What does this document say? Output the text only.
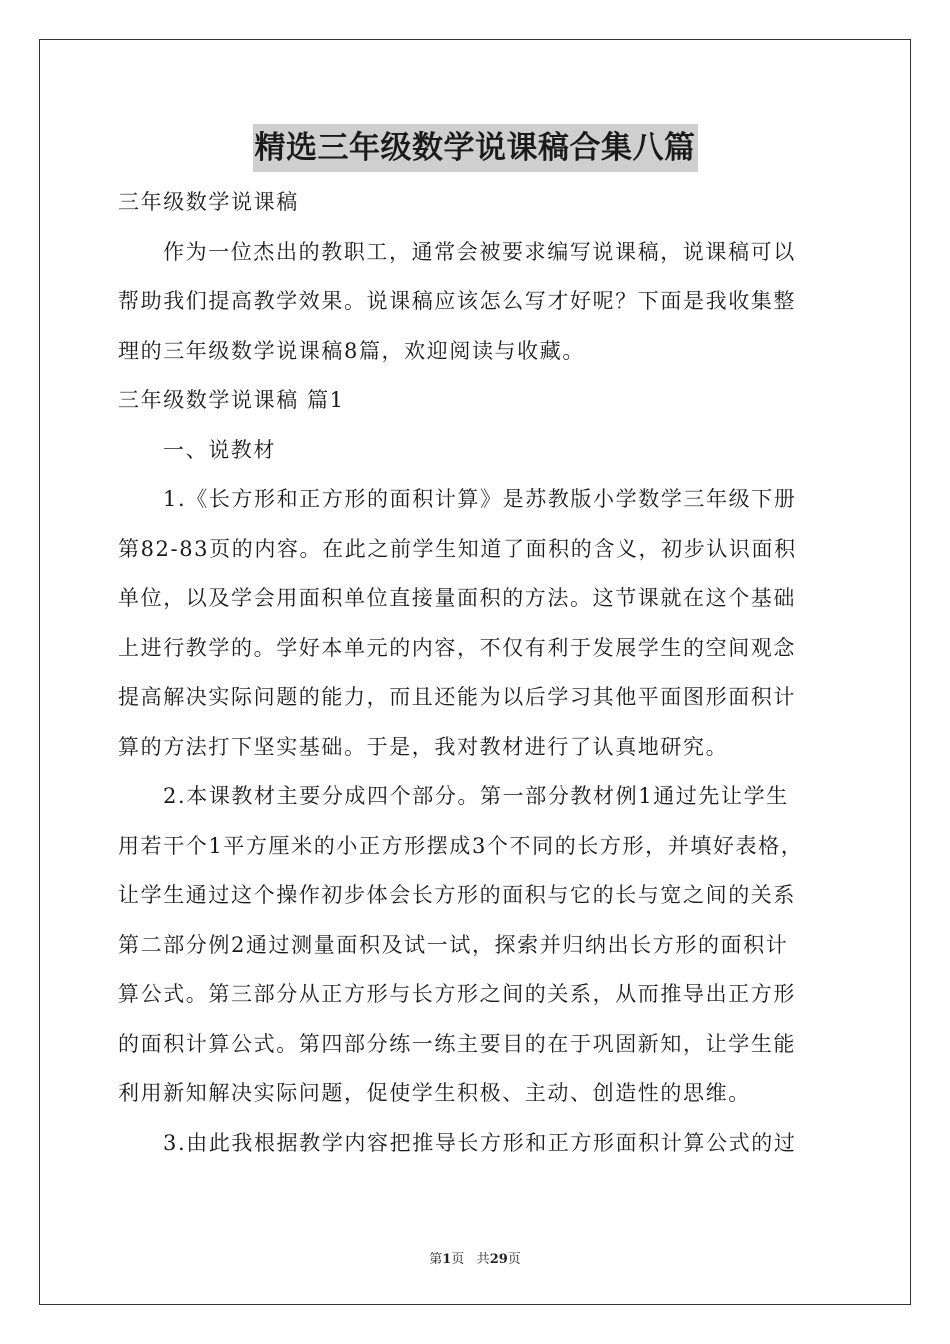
精选三年级数学说课稿合集八篇
三年级数学说课稿
作为一位杰出的教职工，通常会被要求编写说课稿，说课稿可以
帮助我们提高教学效果。说课稿应该怎么写才好呢？下面是我收集整
理的三年级数学说课稿8篇，欢迎阅读与收藏。
三年级数学说课稿 篇1
一、说教材
1.《长方形和正方形的面积计算》是苏教版小学数学三年级下册
第82-83页的内容。在此之前学生知道了面积的含义，初步认识面积
单位，以及学会用面积单位直接量面积的方法。这节课就在这个基础
上进行教学的。学好本单元的内容，不仅有利于发展学生的空间观念
提高解决实际问题的能力，而且还能为以后学习其他平面图形面积计
算的方法打下坚实基础。于是，我对教材进行了认真地研究。
2.本课教材主要分成四个部分。第一部分教材例1通过先让学生
用若干个1平方厘米的小正方形摆成3个不同的长方形，并填好表格，
让学生通过这个操作初步体会长方形的面积与它的长与宽之间的关系
第二部分例2通过测量面积及试一试，探索并归纳出长方形的面积计
算公式。第三部分从正方形与长方形之间的关系，从而推导出正方形
的面积计算公式。第四部分练一练主要目的在于巩固新知，让学生能
利用新知解决实际问题，促使学生积极、主动、创造性的思维。
3.由此我根据教学内容把推导长方形和正方形面积计算公式的过
第1页 共29页
